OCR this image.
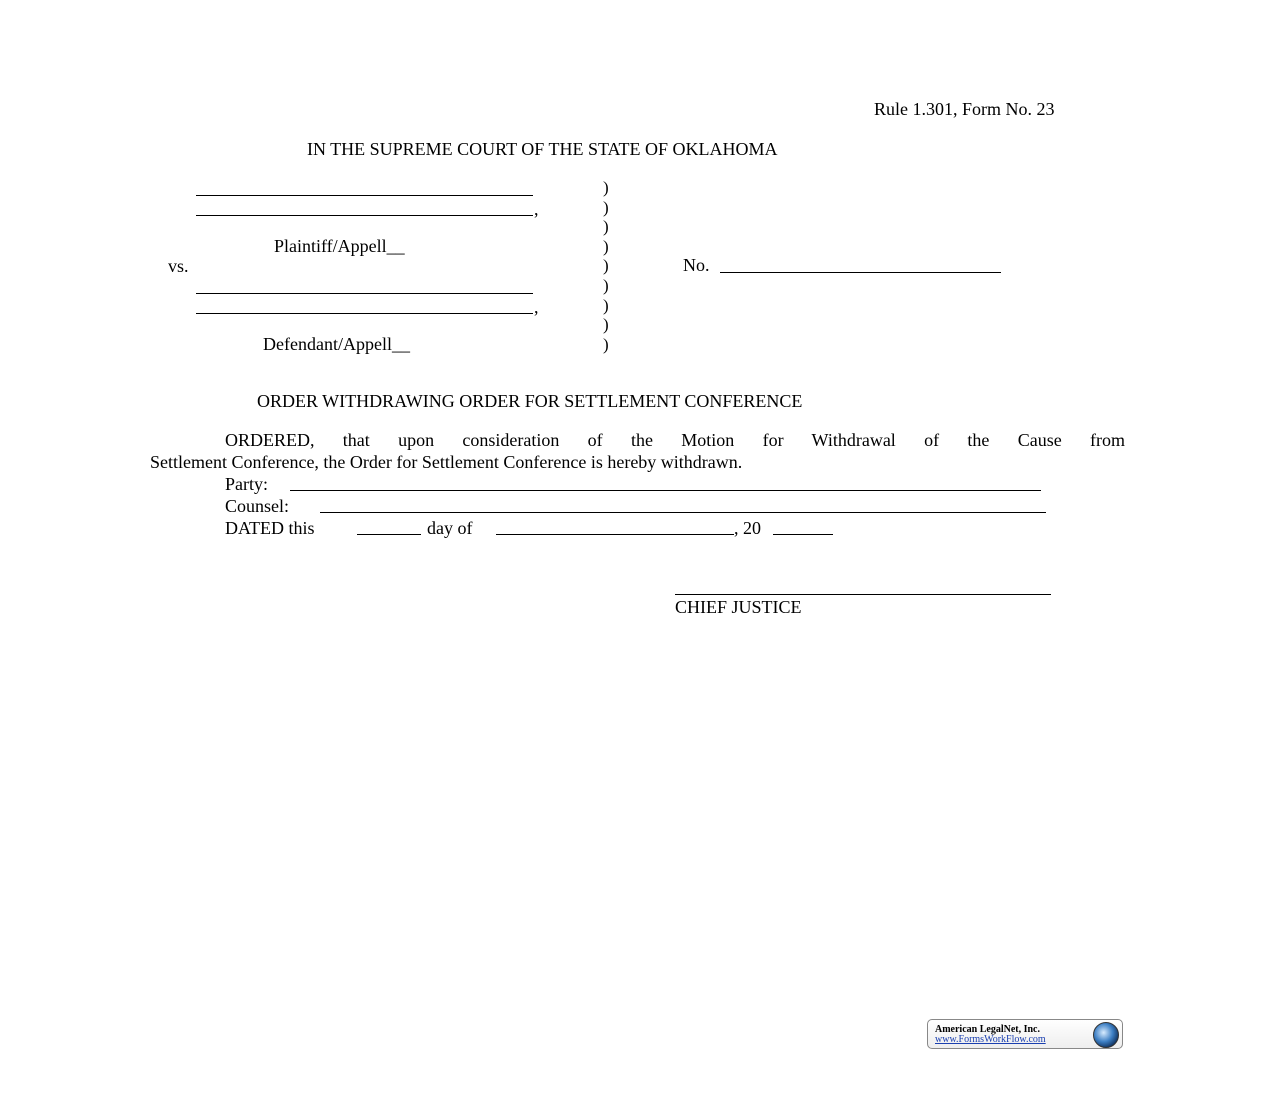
Rule 1.301, Form No. 23
IN THE SUPREME COURT OF THE STATE OF OKLAHOMA
,
Plaintiff/Appell__
vs.
,
Defendant/Appell__
)
)
)
)
)
)
)
)
)
No.
ORDER WITHDRAWING ORDER FOR SETTLEMENT CONFERENCE
ORDERED, that upon consideration of the Motion for Withdrawal of the Cause from
Settlement Conference, the Order for Settlement Conference is hereby withdrawn.
Party:
Counsel:
DATED this	day of	, 20
CHIEF JUSTICE
American LegalNet, Inc.
www.FormsWorkFlow.com
